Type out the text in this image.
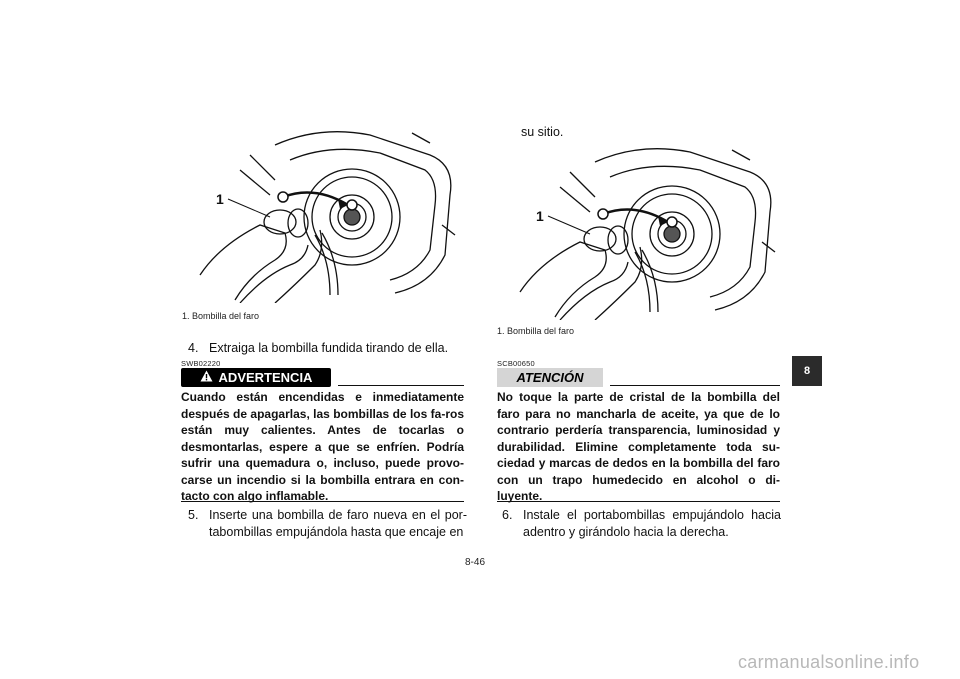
1
1. Bombilla del faro
4. Extraiga la bombilla fundida tirando de ella.
SWB02220
ADVERTENCIA
Cuando están encendidas e inmediatamente después de apagarlas, las bombillas de los fa-ros están muy calientes. Antes de tocarlas o desmontarlas, espere a que se enfríen. Podría sufrir una quemadura o, incluso, puede provo-carse un incendio si la bombilla entrara en con-tacto con algo inflamable.
5. Inserte una bombilla de faro nueva en el por-tabombillas empujándola hasta que encaje en
su sitio.
1
1. Bombilla del faro
SCB00650
ATENCIÓN
No toque la parte de cristal de la bombilla del faro para no mancharla de aceite, ya que de lo contrario perdería transparencia, luminosidad y durabilidad. Elimine completamente toda su-ciedad y marcas de dedos en la bombilla del faro con un trapo humedecido en alcohol o di-luyente.
6. Instale el portabombillas empujándolo hacia adentro y girándolo hacia la derecha.
8
8-46
carmanualsonline.info
